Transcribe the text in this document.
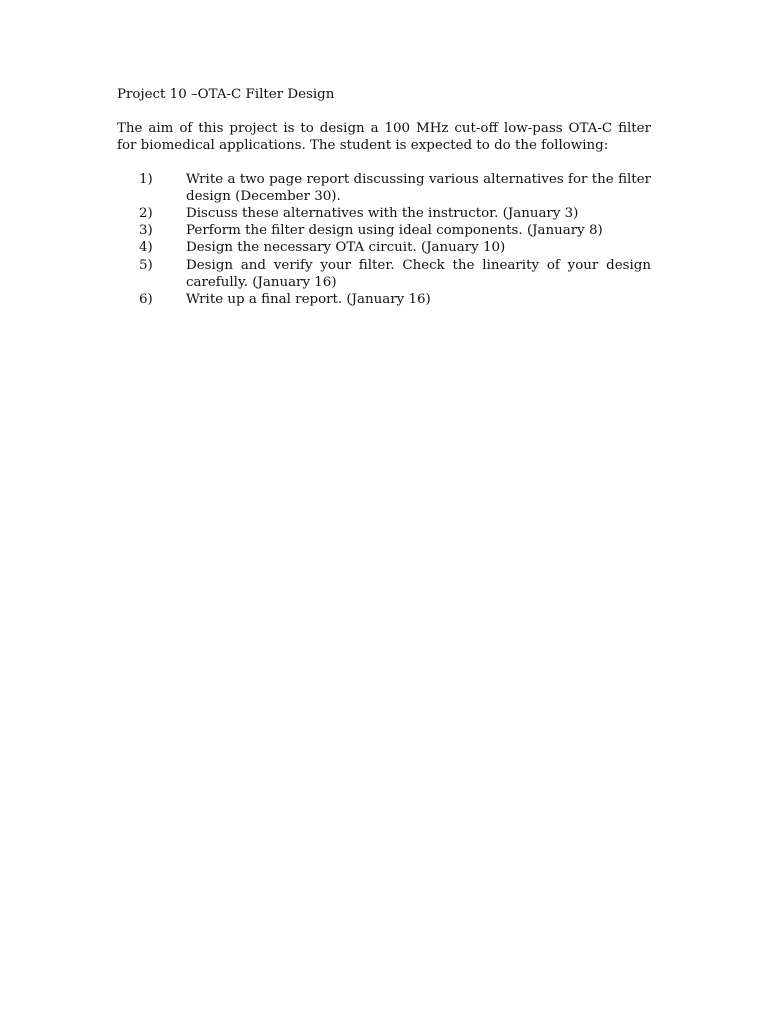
Project 10 –OTA-C Filter Design

The aim of this project is to design a 100 MHz cut-off low-pass OTA-C filter for biomedical applications. The student is expected to do the following:

1)	Write a two page report discussing various alternatives for the filter design (December 30).
2)	Discuss these alternatives with the instructor. (January 3)
3)	Perform the filter design using ideal components. (January 8)
4)	Design the necessary OTA circuit. (January 10)
5)	Design and verify your filter. Check the linearity of your design carefully. (January 16)
6)	Write up a final report. (January 16)
